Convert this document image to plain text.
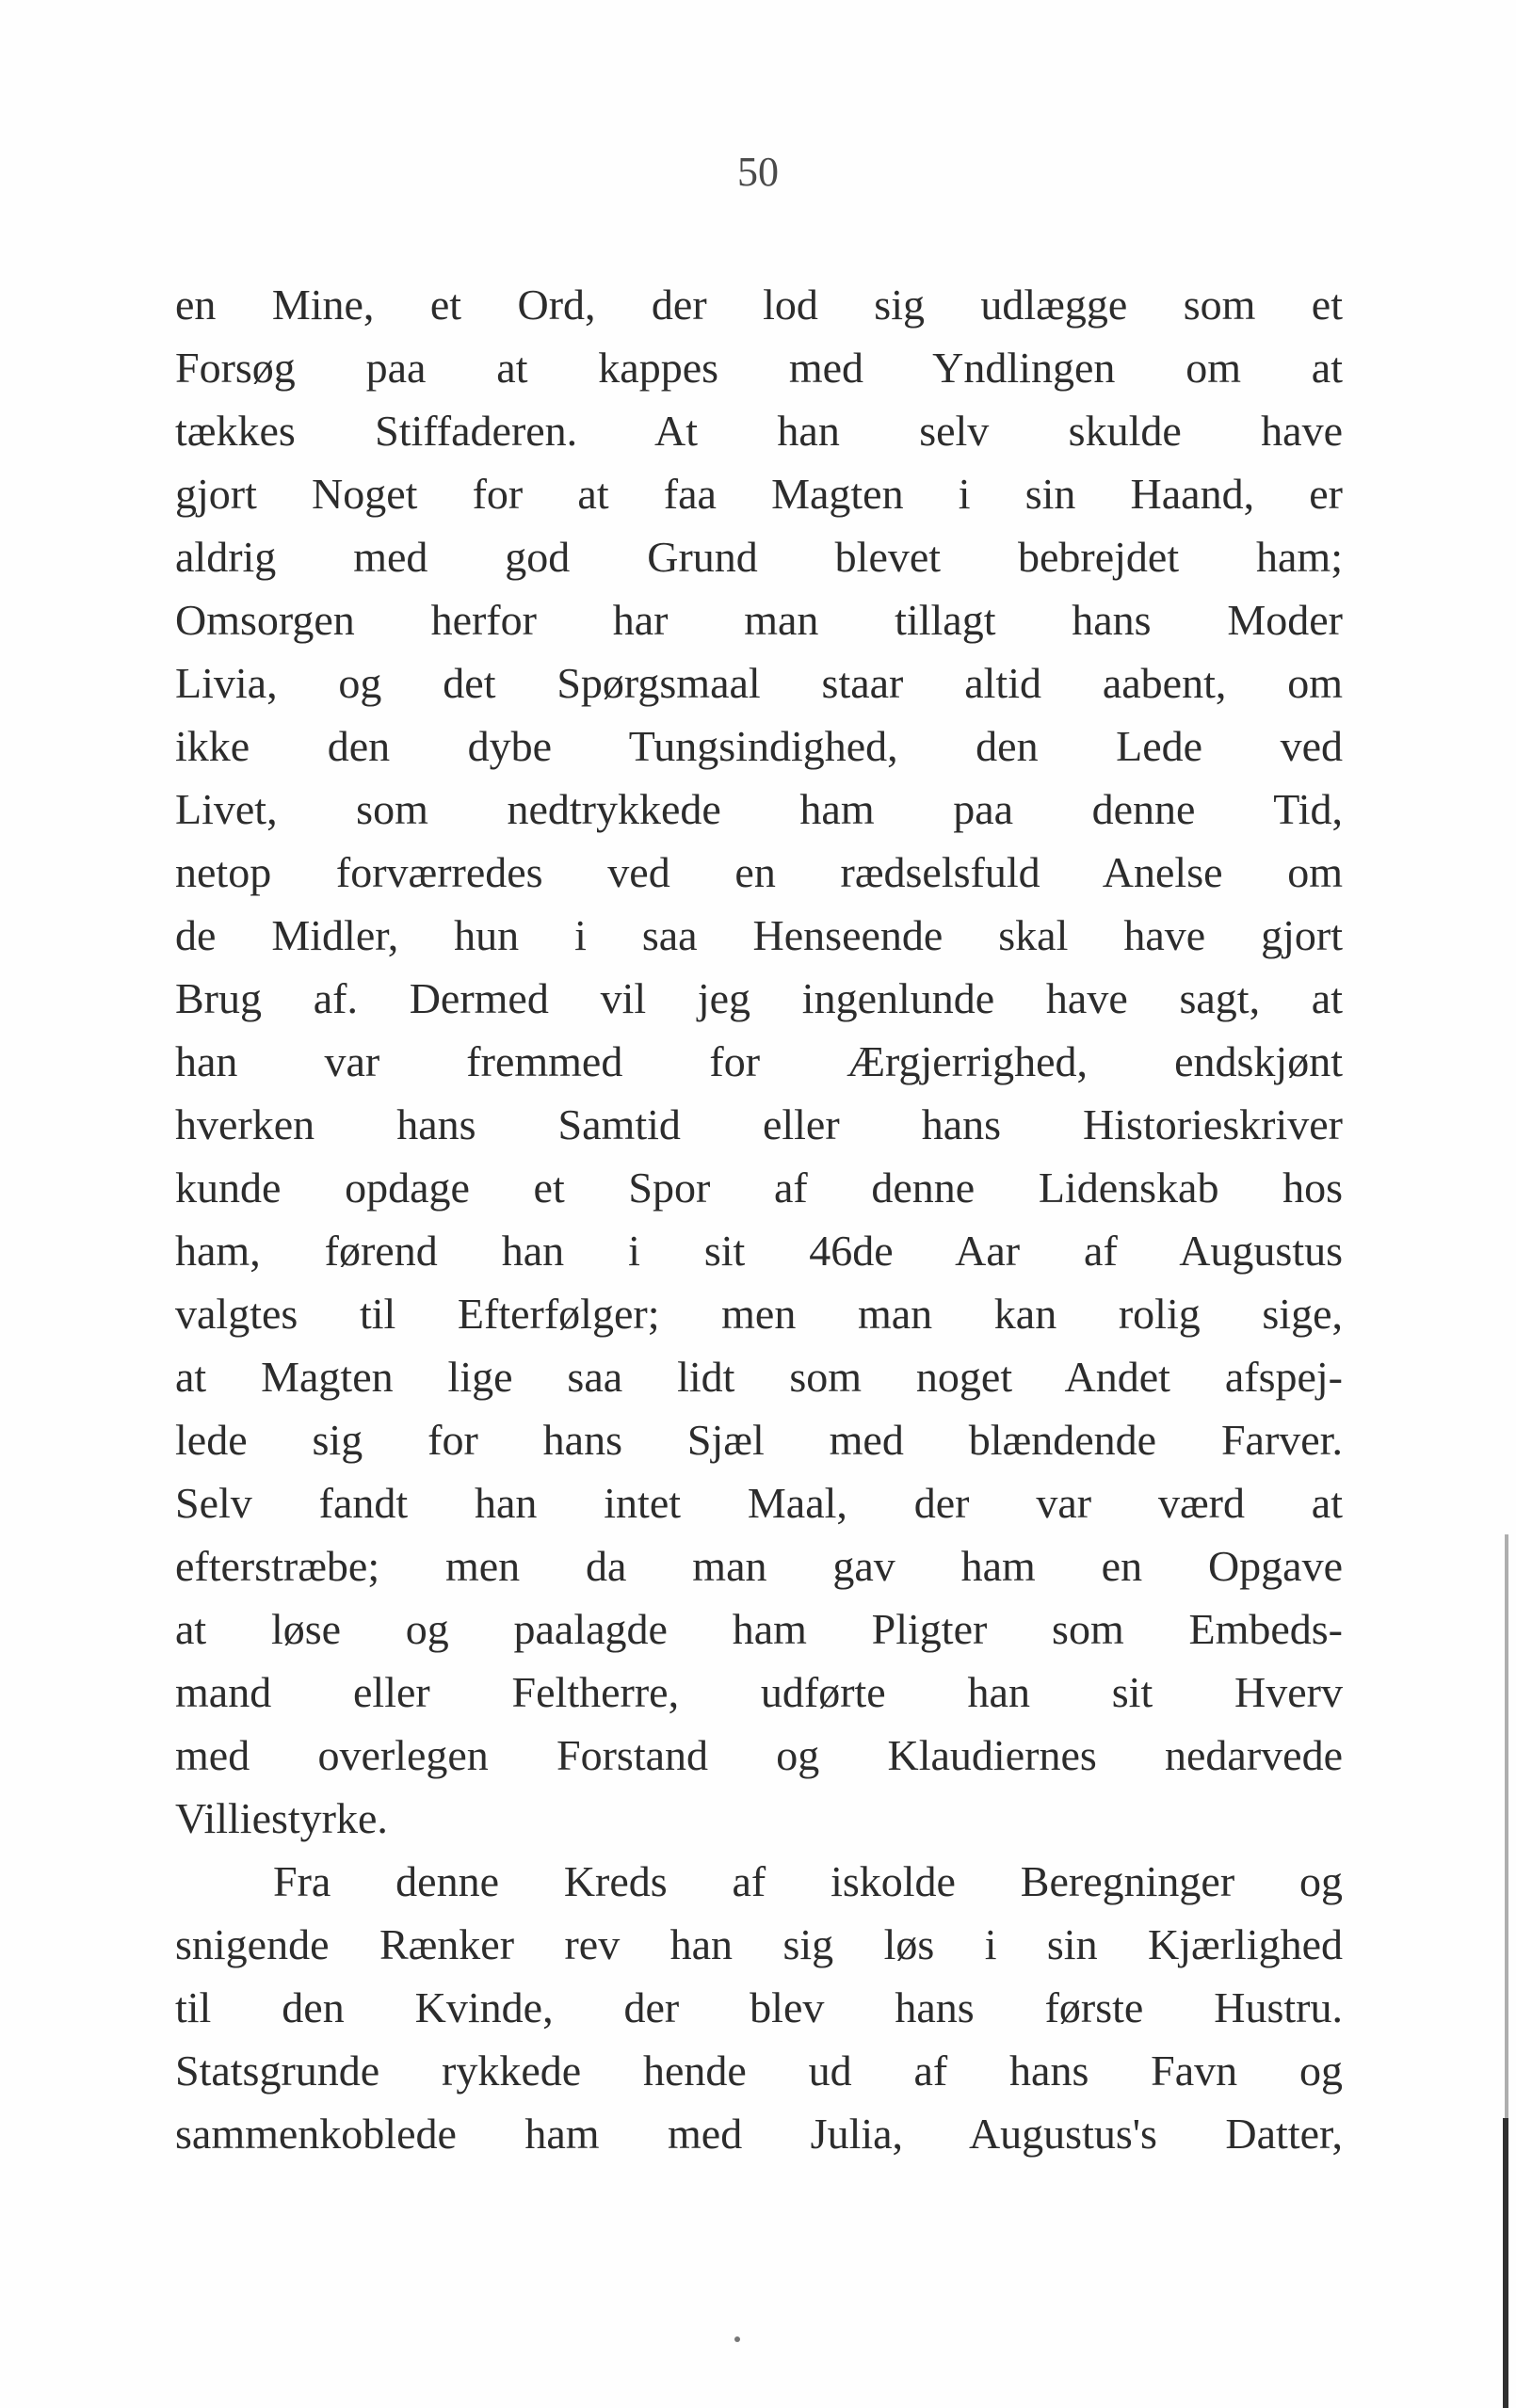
50
en Mine, et Ord, der lod sig udlægge som et
Forsøg paa at kappes med Yndlingen om at
tækkes Stiffaderen. At han selv skulde have
gjort Noget for at faa Magten i sin Haand, er
aldrig med god Grund blevet bebrejdet ham;
Omsorgen herfor har man tillagt hans Moder
Livia, og det Spørgsmaal staar altid aabent, om
ikke den dybe Tungsindighed, den Lede ved
Livet, som nedtrykkede ham paa denne Tid,
netop forværredes ved en rædselsfuld Anelse om
de Midler, hun i saa Henseende skal have gjort
Brug af. Dermed vil jeg ingenlunde have sagt, at
han var fremmed for Ærgjerrighed, endskjønt
hverken hans Samtid eller hans Historieskriver
kunde opdage et Spor af denne Lidenskab hos
ham, førend han i sit 46de Aar af Augustus
valgtes til Efterfølger; men man kan rolig sige,
at Magten lige saa lidt som noget Andet afspej-
lede sig for hans Sjæl med blændende Farver.
Selv fandt han intet Maal, der var værd at
efterstræbe; men da man gav ham en Opgave
at løse og paalagde ham Pligter som Embeds-
mand eller Feltherre, udførte han sit Hverv
med overlegen Forstand og Klaudiernes nedarvede
Villiestyrke.
Fra denne Kreds af iskolde Beregninger og
snigende Rænker rev han sig løs i sin Kjærlighed
til den Kvinde, der blev hans første Hustru.
Statsgrunde rykkede hende ud af hans Favn og
sammenkoblede ham med Julia, Augustus's Datter,
